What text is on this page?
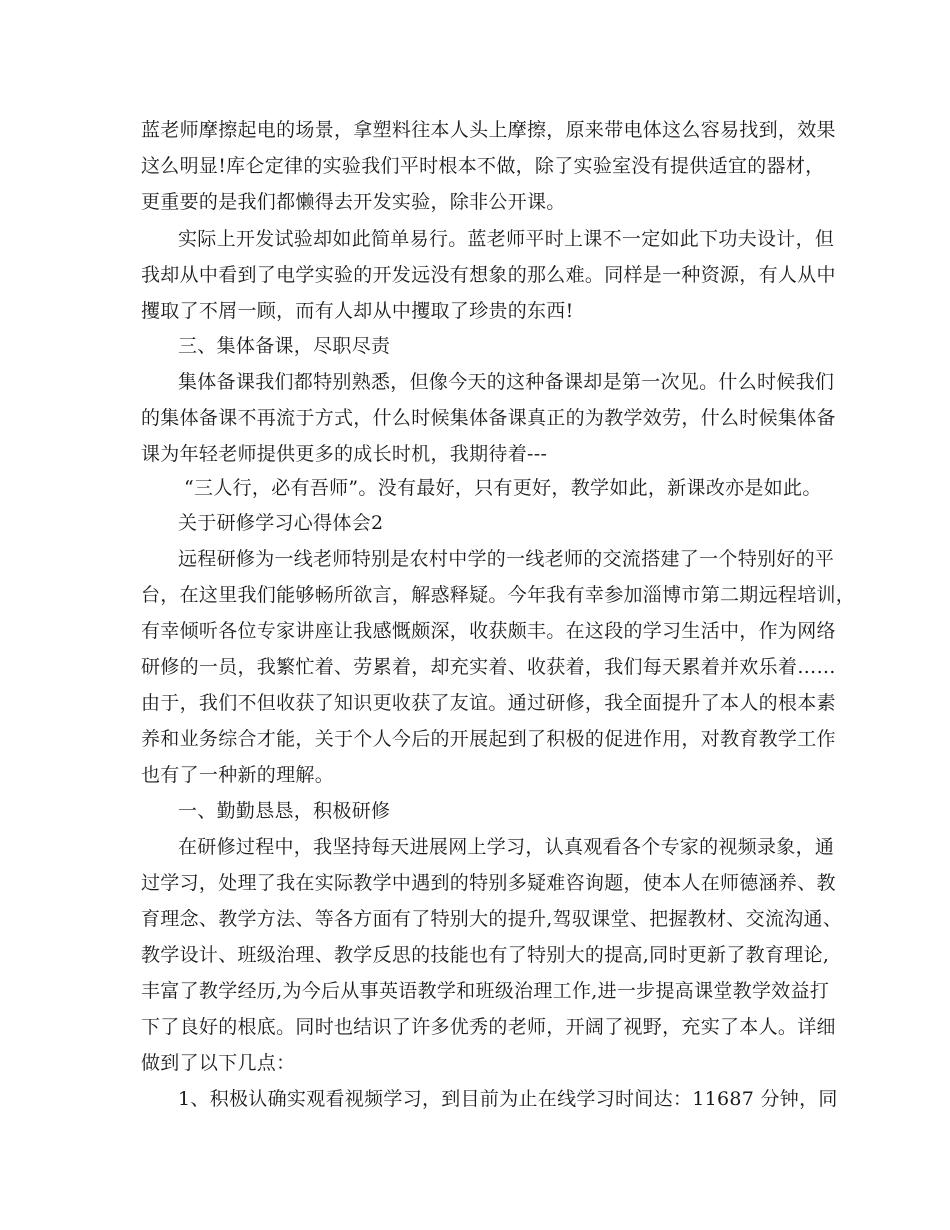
蓝老师摩擦起电的场景，拿塑料往本人头上摩擦，原来带电体这么容易找到，效果
这么明显!库仑定律的实验我们平时根本不做，除了实验室没有提供适宜的器材，
更重要的是我们都懒得去开发实验，除非公开课。
实际上开发试验却如此简单易行。蓝老师平时上课不一定如此下功夫设计，但
我却从中看到了电学实验的开发远没有想象的那么难。同样是一种资源，有人从中
攫取了不屑一顾，而有人却从中攫取了珍贵的东西!
三、集体备课，尽职尽责
集体备课我们都特别熟悉，但像今天的这种备课却是第一次见。什么时候我们
的集体备课不再流于方式，什么时候集体备课真正的为教学效劳，什么时候集体备
课为年轻老师提供更多的成长时机，我期待着---
“三人行，必有吾师”。没有最好，只有更好，教学如此，新课改亦是如此。
关于研修学习心得体会2
远程研修为一线老师特别是农村中学的一线老师的交流搭建了一个特别好的平
台，在这里我们能够畅所欲言，解惑释疑。今年我有幸参加淄博市第二期远程培训，
有幸倾听各位专家讲座让我感慨颇深，收获颇丰。在这段的学习生活中，作为网络
研修的一员，我繁忙着、劳累着，却充实着、收获着，我们每天累着并欢乐着……
由于，我们不但收获了知识更收获了友谊。通过研修，我全面提升了本人的根本素
养和业务综合才能，关于个人今后的开展起到了积极的促进作用，对教育教学工作
也有了一种新的理解。
一、勤勤恳恳，积极研修
在研修过程中，我坚持每天进展网上学习，认真观看各个专家的视频录象，通
过学习，处理了我在实际教学中遇到的特别多疑难咨询题，使本人在师德涵养、教
育理念、教学方法、等各方面有了特别大的提升,驾驭课堂、把握教材、交流沟通、
教学设计、班级治理、教学反思的技能也有了特别大的提高,同时更新了教育理论,
丰富了教学经历,为今后从事英语教学和班级治理工作,进一步提高课堂教学效益打
下了良好的根底。同时也结识了许多优秀的老师，开阔了视野，充实了本人。详细
做到了以下几点：
1、积极认确实观看视频学习，到目前为止在线学习时间达：11687 分钟，同
